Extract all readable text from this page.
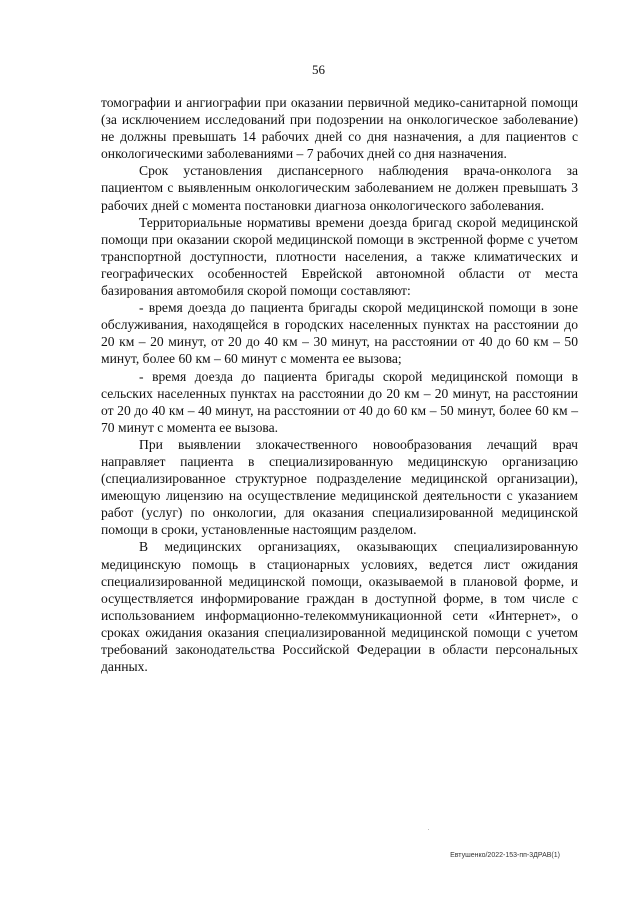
56

томографии и ангиографии при оказании первичной медико-санитарной помощи (за исключением исследований при подозрении на онкологическое заболевание) не должны превышать 14 рабочих дней со дня назначения, а для пациентов с онкологическими заболеваниями – 7 рабочих дней со дня назначения.

Срок установления диспансерного наблюдения врача-онколога за пациентом с выявленным онкологическим заболеванием не должен превышать 3 рабочих дней с момента постановки диагноза онкологического заболевания.

Территориальные нормативы времени доезда бригад скорой медицинской помощи при оказании скорой медицинской помощи в экстренной форме с учетом транспортной доступности, плотности населения, а также климатических и географических особенностей Еврейской автономной области от места базирования автомобиля скорой помощи составляют:

- время доезда до пациента бригады скорой медицинской помощи в зоне обслуживания, находящейся в городских населенных пунктах на расстоянии до 20 км – 20 минут, от 20 до 40 км – 30 минут, на расстоянии от 40 до 60 км – 50 минут, более 60 км – 60 минут с момента ее вызова;

- время доезда до пациента бригады скорой медицинской помощи в сельских населенных пунктах на расстоянии до 20 км – 20 минут, на расстоянии от 20 до 40 км – 40 минут, на расстоянии от 40 до 60 км – 50 минут, более 60 км – 70 минут с момента ее вызова.

При выявлении злокачественного новообразования лечащий врач направляет пациента в специализированную медицинскую организацию (специализированное структурное подразделение медицинской организации), имеющую лицензию на осуществление медицинской деятельности с указанием работ (услуг) по онкологии, для оказания специализированной медицинской помощи в сроки, установленные настоящим разделом.

В медицинских организациях, оказывающих специализированную медицинскую помощь в стационарных условиях, ведется лист ожидания специализированной медицинской помощи, оказываемой в плановой форме, и осуществляется информирование граждан в доступной форме, в том числе с использованием информационно-телекоммуникационной сети «Интернет», о сроках ожидания оказания специализированной медицинской помощи с учетом требований законодательства Российской Федерации в области персональных данных.

Евтушенко/2022-153-пп-3ДРАВ(1)
